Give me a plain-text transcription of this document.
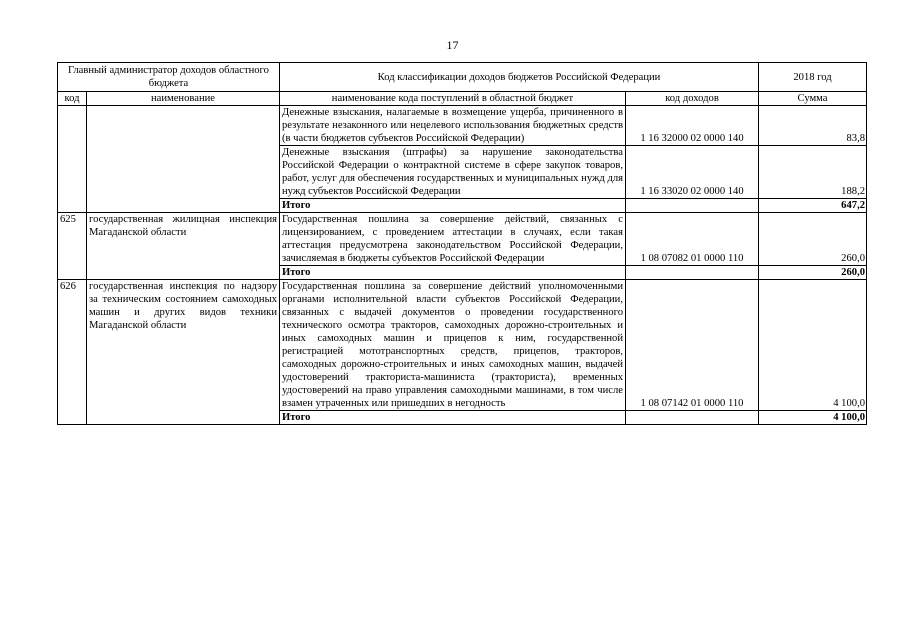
17
Главный администратор доходов областного бюджета		Код классификации доходов бюджетов Российской Федерации		2018 год
код	наименование	наименование кода поступлений в областной бюджет	код доходов	Сумма
		Денежные взыскания, налагаемые в возмещение ущерба, причиненного в результате незаконного или нецелевого использования бюджетных средств (в части бюджетов субъектов Российской Федерации)	1 16 32000 02 0000 140	83,8
		Денежные взыскания (штрафы) за нарушение законодательства Российской Федерации о контрактной системе в сфере закупок товаров, работ, услуг для обеспечения государственных и муниципальных нужд для нужд субъектов Российской Федерации	1 16 33020 02 0000 140	188,2
		Итого		647,2
625	государственная жилищная инспекция Магаданской области	Государственная пошлина за совершение действий, связанных с лицензированием, с проведением аттестации в случаях, если такая аттестация предусмотрена законодательством Российской Федерации, зачисляемая в бюджеты субъектов Российской Федерации	1 08 07082 01 0000 110	260,0
		Итого		260,0
626	государственная инспекция по надзору за техническим состоянием самоходных машин и других видов техники Магаданской области	Государственная пошлина за совершение действий уполномоченными органами исполнительной власти субъектов Российской Федерации, связанных с выдачей документов о проведении государственного технического осмотра тракторов, самоходных дорожно-строительных и иных самоходных машин и прицепов к ним, государственной регистрацией мототранспортных средств, прицепов, тракторов, самоходных дорожно-строительных и иных самоходных машин, выдачей удостоверений тракториста-машиниста (тракториста), временных удостоверений на право управления самоходными машинами, в том числе взамен утраченных или пришедших в негодность	1 08 07142 01 0000 110	4 100,0
		Итого		4 100,0
